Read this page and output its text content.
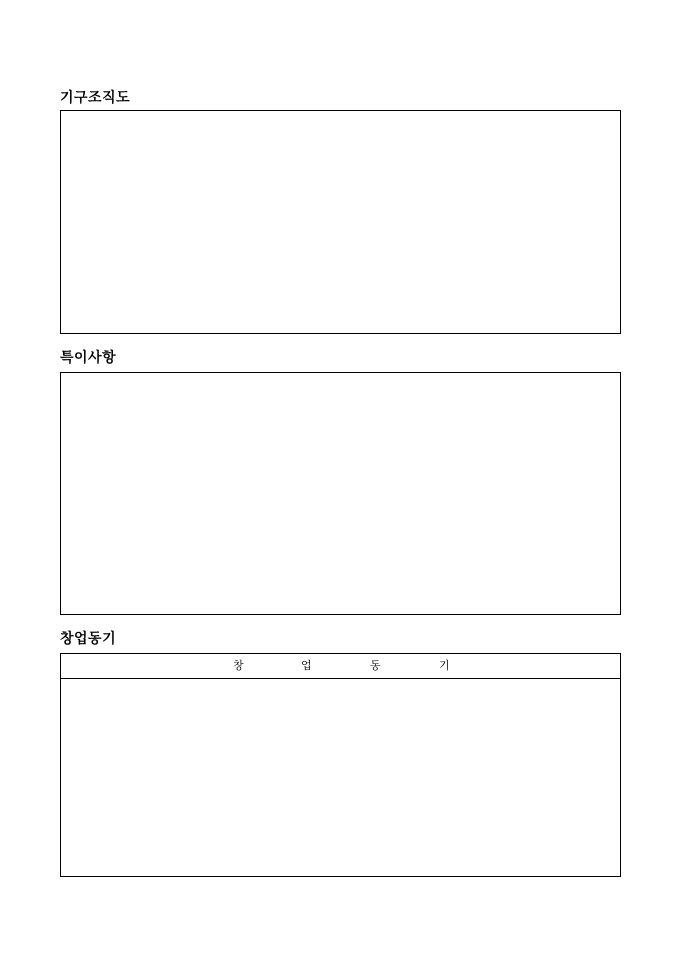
기구조직도
특이사항
창업동기
창	업	동	기
